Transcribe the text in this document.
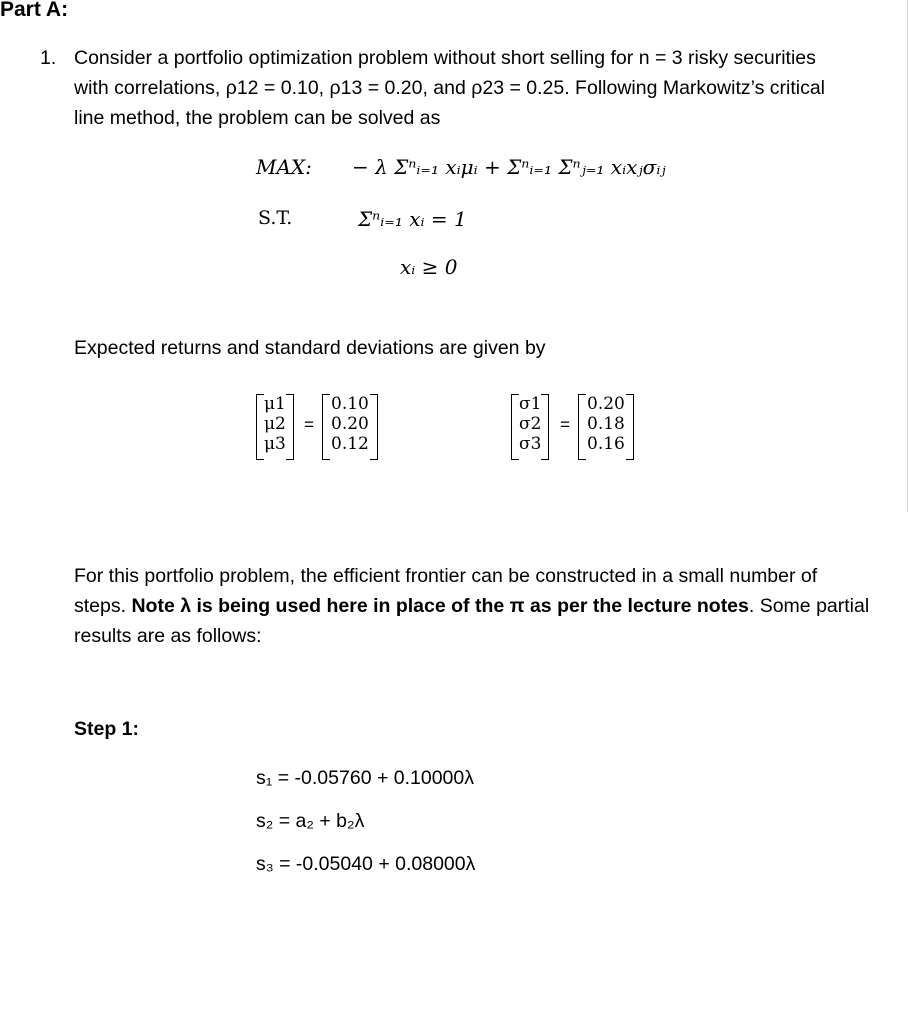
Part A:
1. Consider a portfolio optimization problem without short selling for n = 3 risky securities
with correlations, ρ12 = 0.10, ρ13 = 0.20, and ρ23 = 0.25. Following Markowitz’s critical
line method, the problem can be solved as
MAX: − λ Σⁿᵢ₌₁ xᵢμᵢ + Σⁿᵢ₌₁ Σⁿⱼ₌₁ xᵢxⱼσᵢⱼ
S.T.	Σⁿᵢ₌₁ xᵢ = 1
xᵢ ≥ 0
Expected returns and standard deviations are given by
μ1
μ2
μ3
=
0.10
0.20
0.12
σ1
σ2
σ3
=
0.20
0.18
0.16
For this portfolio problem, the efficient frontier can be constructed in a small number of
steps. Note λ is being used here in place of the π as per the lecture notes. Some partial
results are as follows:
Step 1:
s₁ = -0.05760 + 0.10000λ
s₂ = a₂ + b₂λ
s₃ = -0.05040 + 0.08000λ
